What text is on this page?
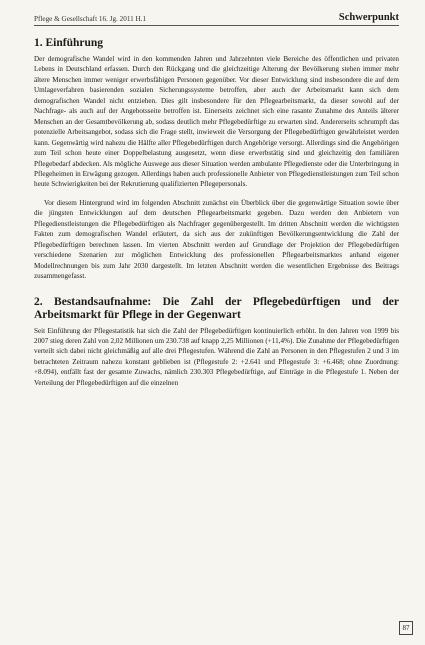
Pflege & Gesellschaft 16. Jg. 2011 H.1	Schwerpunkt
1. Einführung

Der demografische Wandel wird in den kommenden Jahren und Jahrzehnten viele Bereiche des öffentlichen und privaten Lebens in Deutschland erfassen. Durch den Rückgang und die gleichzeitige Alterung der Bevölkerung stehen immer mehr ältere Menschen immer weniger erwerbsfähigen Personen gegenüber. Vor dieser Entwicklung sind insbesondere die auf dem Umlageverfahren basierenden sozialen Sicherungssysteme betroffen, aber auch der Arbeitsmarkt kann sich dem demografischen Wandel nicht entziehen. Dies gilt insbesondere für den Pflegearbeitsmarkt, da dieser sowohl auf der Nachfrage- als auch auf der Angebotsseite betroffen ist. Einerseits zeichnet sich eine rasante Zunahme des Anteils älterer Menschen an der Gesamtbevölkerung ab, sodass deutlich mehr Pflegebedürftige zu erwarten sind. Andererseits schrumpft das potenzielle Arbeitsangebot, sodass sich die Frage stellt, inwieweit die Versorgung der Pflegebedürftigen gewährleistet werden kann. Gegenwärtig wird nahezu die Hälfte aller Pflegebedürftigen durch Angehörige versorgt. Allerdings sind die Angehörigen zum Teil schon heute einer Doppelbelastung ausgesetzt, wenn diese erwerbstätig sind und gleichzeitig den familiären Pflegebedarf abdecken. Als mögliche Auswege aus dieser Situation werden ambulante Pflegedienste oder die Unterbringung in Pflegeheimen in Erwägung gezogen. Allerdings haben auch professionelle Anbieter von Pflegedienstleistungen zum Teil schon heute Schwierigkeiten bei der Rekrutierung qualifizierten Pflegepersonals.

Vor diesem Hintergrund wird im folgenden Abschnitt zunächst ein Überblick über die gegenwärtige Situation sowie über die jüngsten Entwicklungen auf dem deutschen Pflegearbeitsmarkt gegeben. Dazu werden den Anbietern von Pflegedienstleistungen die Pflegebedürftigen als Nachfrager gegenübergestellt. Im dritten Abschnitt werden die wichtigsten Fakten zum demografischen Wandel erläutert, da sich aus der zukünftigen Bevölkerungsentwicklung die Zahl der Pflegebedürftigen berechnen lassen. Im vierten Abschnitt werden auf Grundlage der Projektion der Pflegebedürftigen verschiedene Szenarien zur möglichen Entwicklung des professionellen Pflegearbeitsmarktes anhand eigener Modellrechnungen bis zum Jahr 2030 dargestellt. Im letzten Abschnitt werden die wesentlichen Ergebnisse des Beitrags zusammengefasst.

2. Bestandsaufnahme: Die Zahl der Pflegebedürftigen und der Arbeitsmarkt für Pflege in der Gegenwart

Seit Einführung der Pflegestatistik hat sich die Zahl der Pflegebedürftigen kontinuierlich erhöht. In den Jahren von 1999 bis 2007 stieg deren Zahl von 2,02 Millionen um 230.738 auf knapp 2,25 Millionen (+11,4%). Die Zunahme der Pflegebedürftigen verteilt sich dabei nicht gleichmäßig auf alle drei Pflegestufen. Während die Zahl an Personen in den Pflegestufen 2 und 3 im betrachteten Zeitraum nahezu konstant geblieben ist (Pflegestufe 2: +2.641 und Pflegestufe 3: +6.468; ohne Zuordnung: +8.094), entfällt fast der gesamte Zuwachs, nämlich 230.303 Pflegebedürftige, auf Einträge in die Pflegestufe 1. Neben der Verteilung der Pflegebedürftigen auf die einzelnen

87
